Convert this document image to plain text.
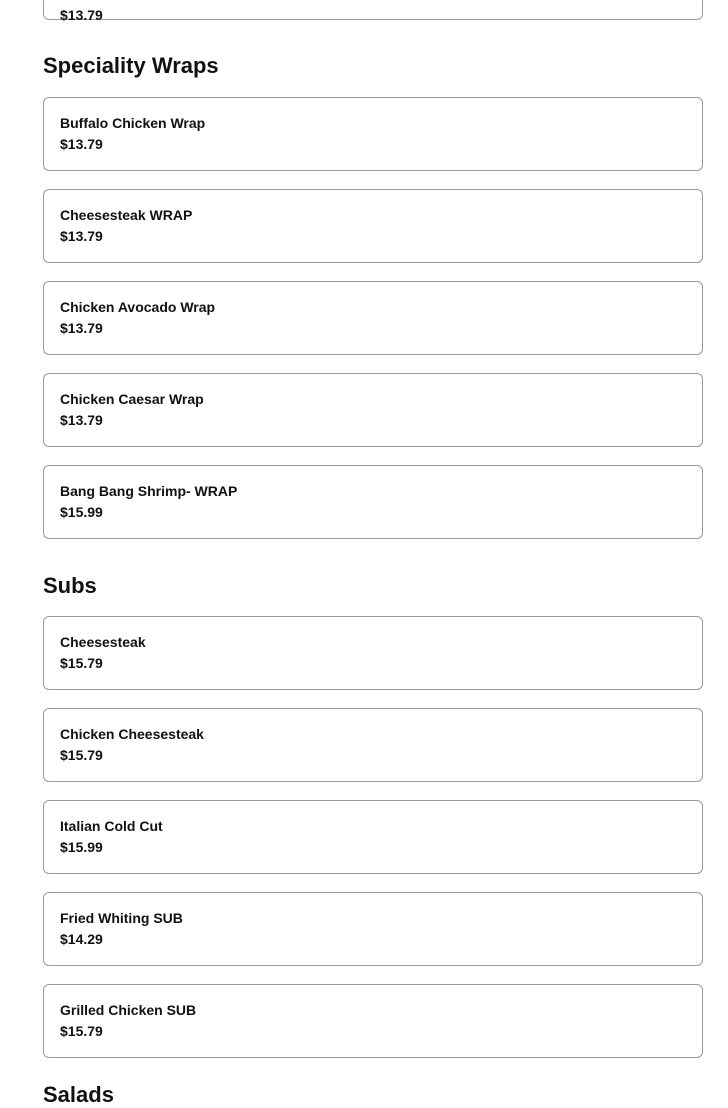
$13.79
Speciality Wraps
Buffalo Chicken Wrap
$13.79
Cheesesteak WRAP
$13.79
Chicken Avocado Wrap
$13.79
Chicken Caesar Wrap
$13.79
Bang Bang Shrimp- WRAP
$15.99
Subs
Cheesesteak
$15.79
Chicken Cheesesteak
$15.79
Italian Cold Cut
$15.99
Fried Whiting SUB
$14.29
Grilled Chicken SUB
$15.79
Salads
